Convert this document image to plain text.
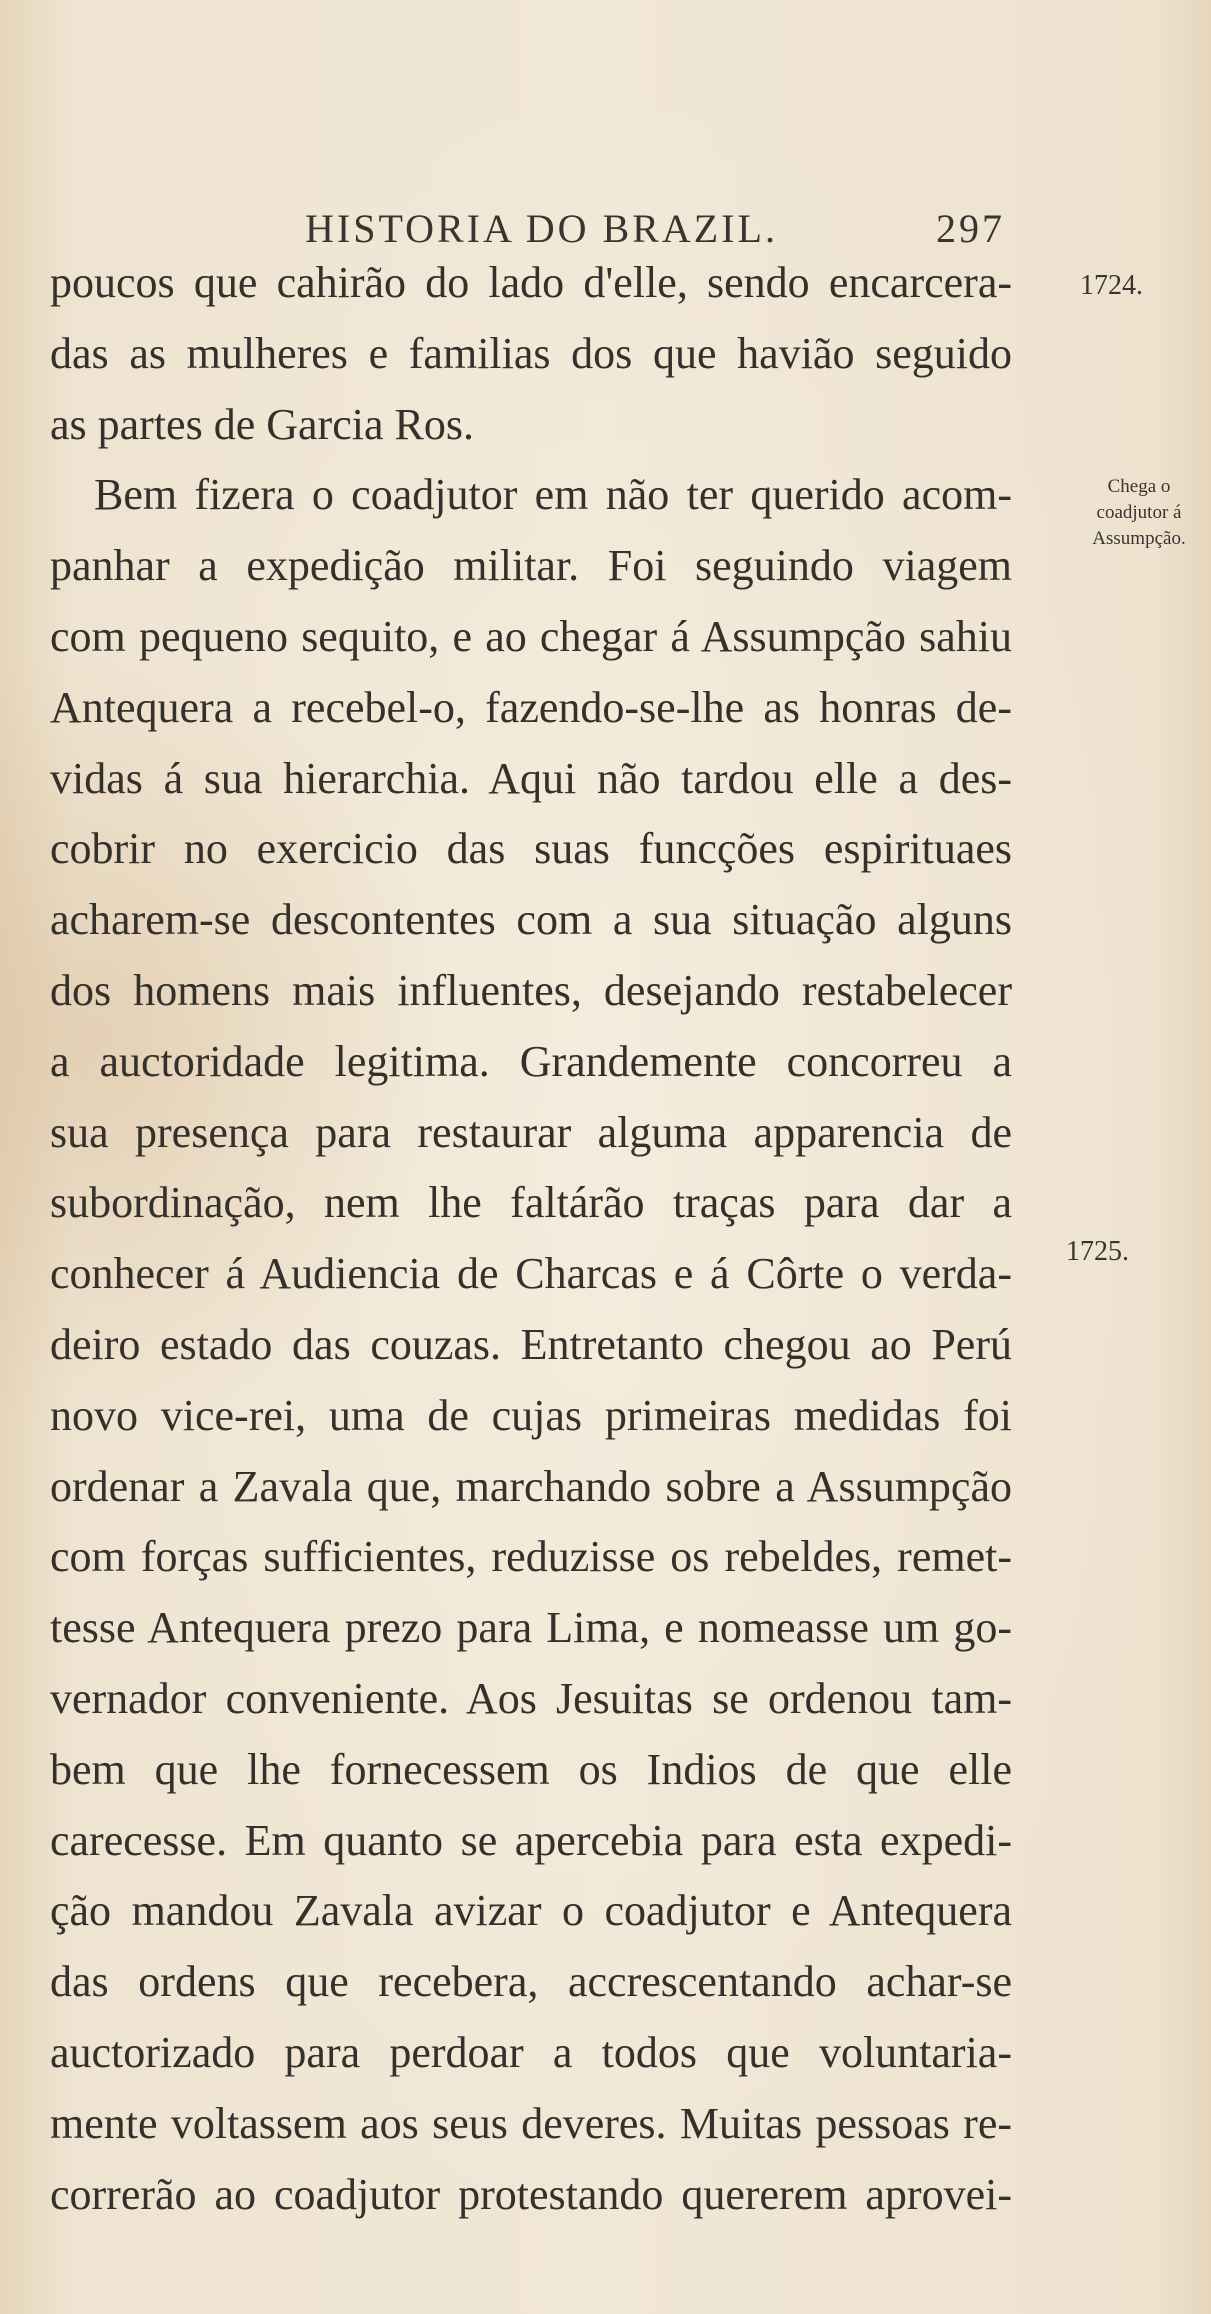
HISTORIA DO BRAZIL.	297
poucos que cahirão do lado d'elle, sendo encarcera-
das as mulheres e familias dos que havião seguido
as partes de Garcia Ros.
Bem fizera o coadjutor em não ter querido acom-
panhar a expedição militar. Foi seguindo viagem
com pequeno sequito, e ao chegar á Assumpção sahiu
Antequera a recebel-o, fazendo-se-lhe as honras de-
vidas á sua hierarchia. Aqui não tardou elle a des-
cobrir no exercicio das suas funcções espirituaes
acharem-se descontentes com a sua situação alguns
dos homens mais influentes, desejando restabelecer
a auctoridade legitima. Grandemente concorreu a
sua presença para restaurar alguma apparencia de
subordinação, nem lhe faltárão traças para dar a
conhecer á Audiencia de Charcas e á Côrte o verda-
deiro estado das couzas. Entretanto chegou ao Perú
novo vice-rei, uma de cujas primeiras medidas foi
ordenar a Zavala que, marchando sobre a Assumpção
com forças sufficientes, reduzisse os rebeldes, remet-
tesse Antequera prezo para Lima, e nomeasse um go-
vernador conveniente. Aos Jesuitas se ordenou tam-
bem que lhe fornecessem os Indios de que elle
carecesse. Em quanto se apercebia para esta expedi-
ção mandou Zavala avizar o coadjutor e Antequera
das ordens que recebera, accrescentando achar-se
auctorizado para perdoar a todos que voluntaria-
mente voltassem aos seus deveres. Muitas pessoas re-
correrão ao coadjutor protestando quererem aprovei-
1724.
Chega o
coadjutor á
Assumpção.
1725.
